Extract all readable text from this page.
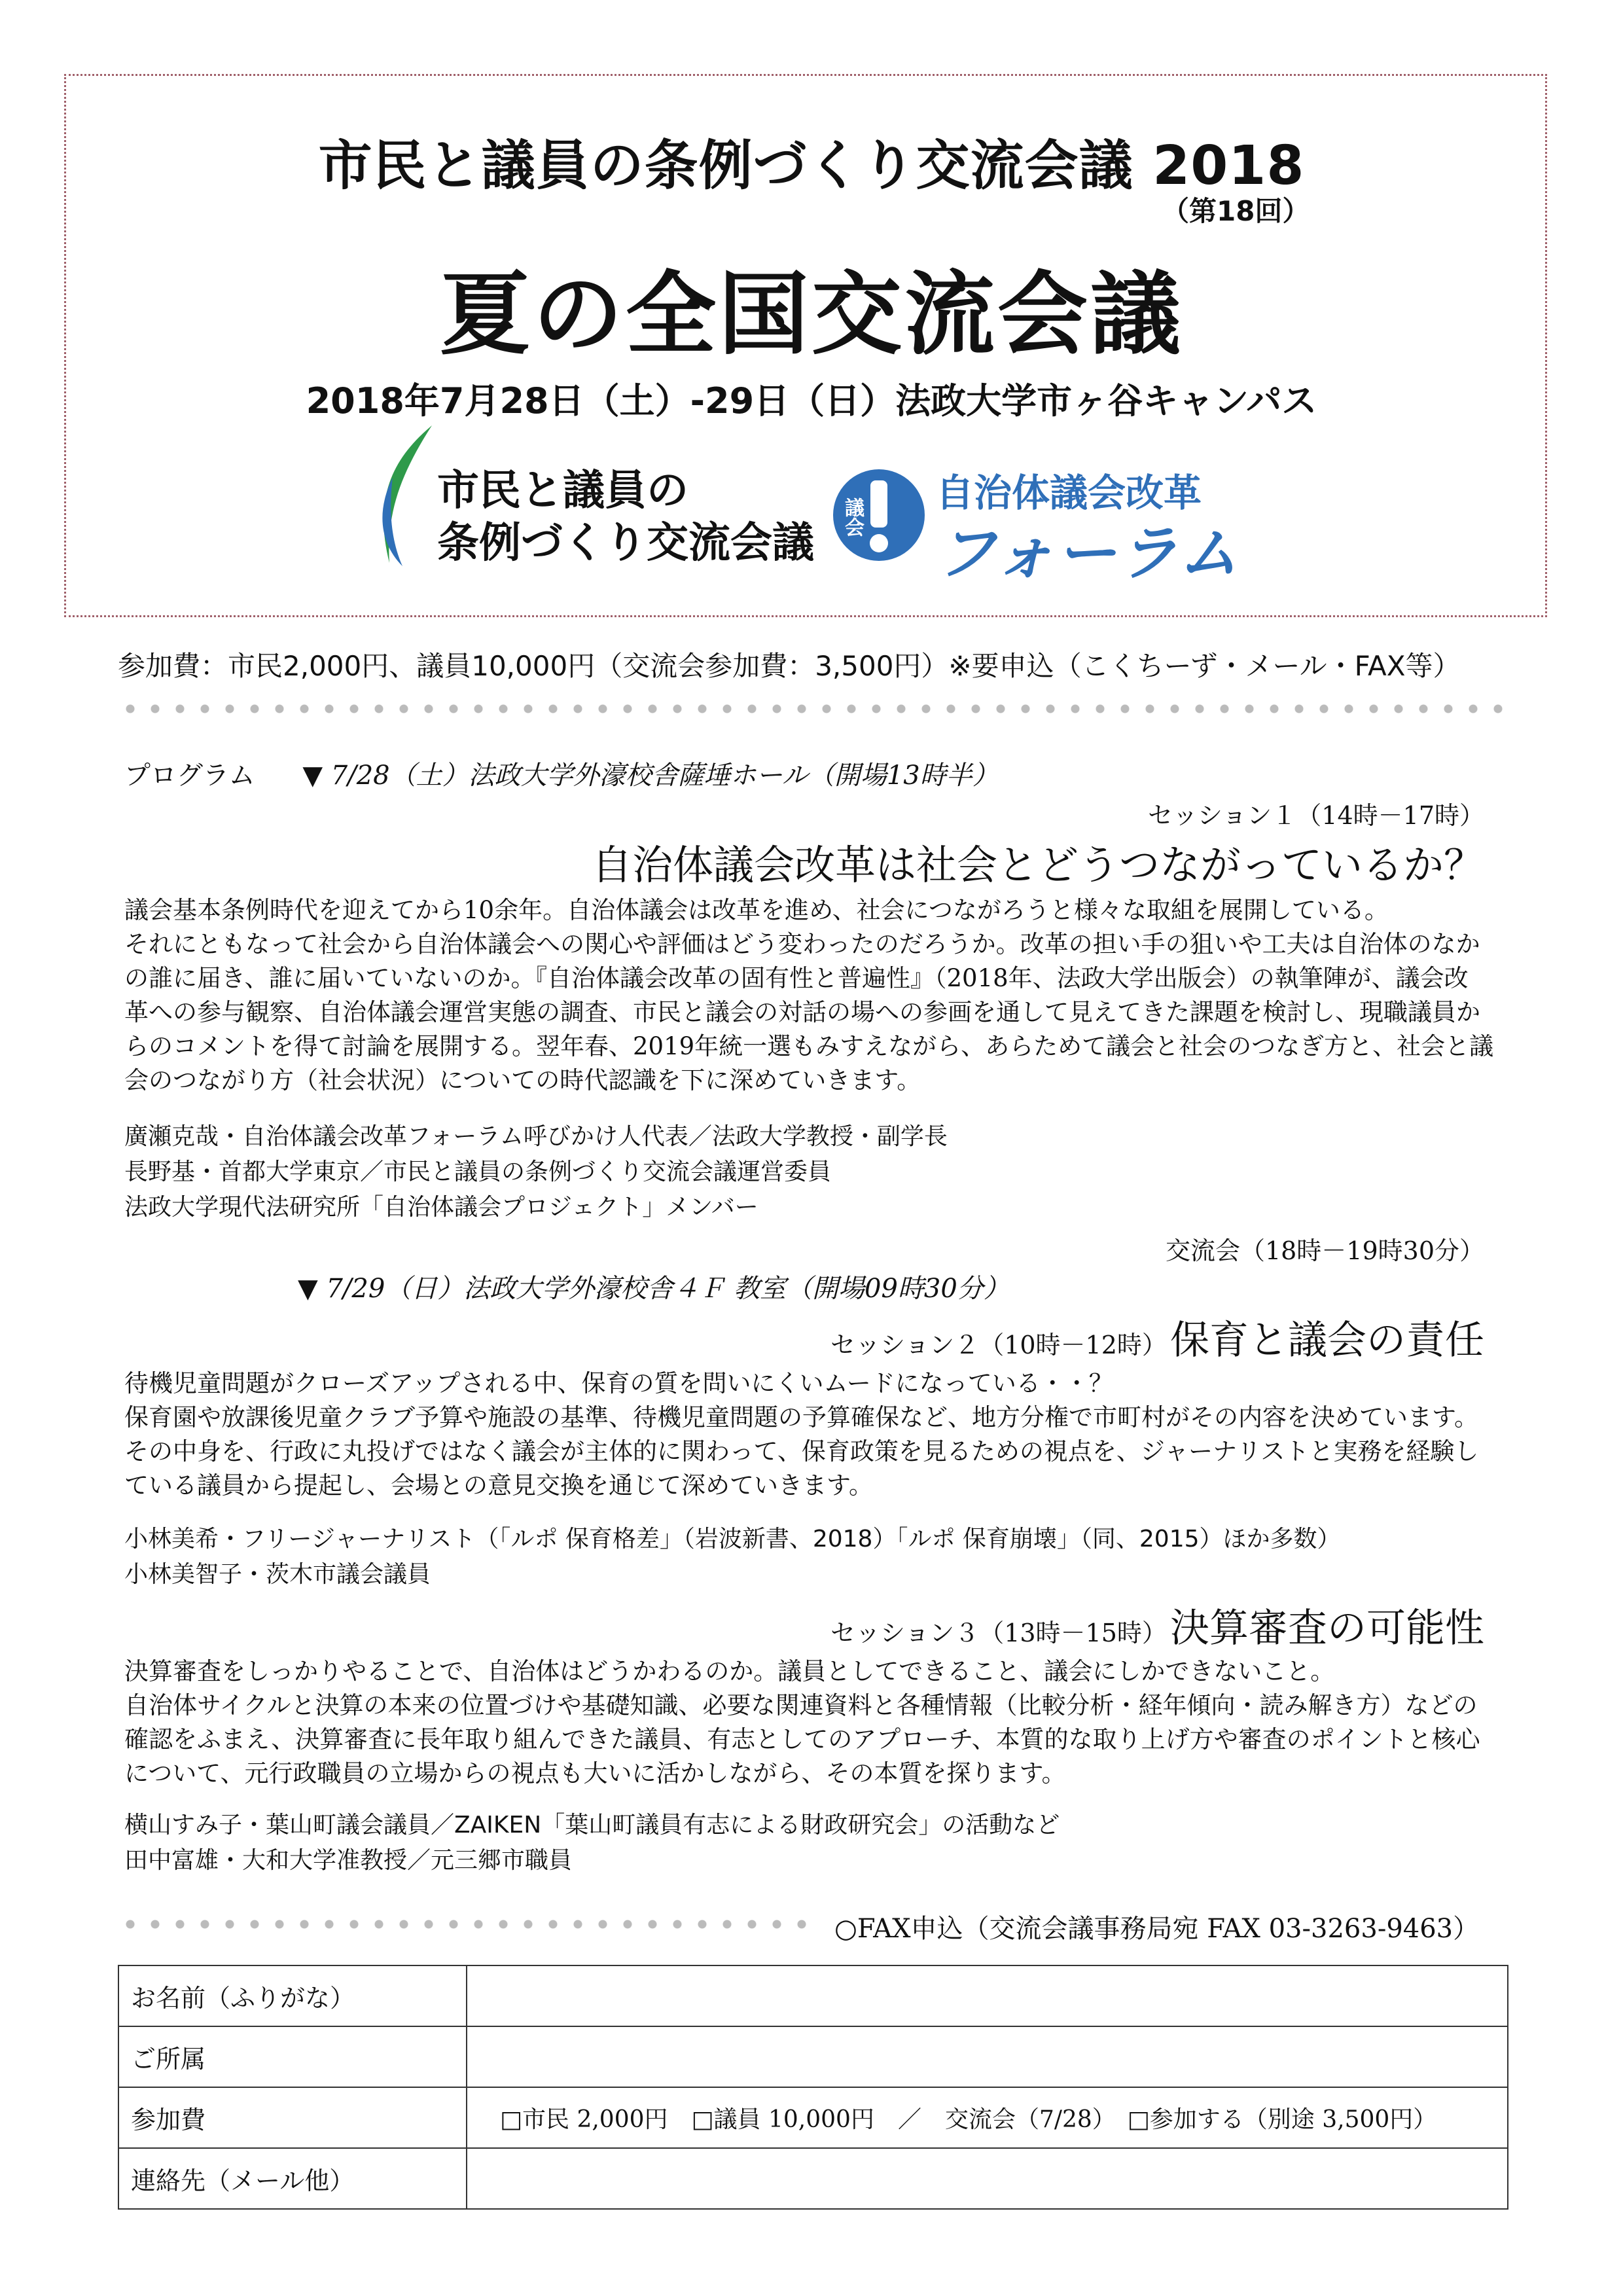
市民と議員の条例づくり交流会議 2018
（第18回）
夏の全国交流会議
2018年7月28日（土）-29日（日）法政大学市ヶ谷キャンパス
市民と議員の
条例づくり交流会議
議会
自治体議会改革
フォーラム
参加費：市民2,000円、議員10,000円（交流会参加費：3,500円）※要申込（こくちーず・メール・FAX等）
プログラム ▼ 7/28（土）法政大学外濠校舎薩埵ホール（開場13時半）
セッション１（14時－17時）
自治体議会改革は社会とどうつながっているか？

議会基本条例時代を迎えてから10余年。自治体議会は改革を進め、社会につながろうと様々な取組を展開している。

それにともなって社会から自治体議会への関心や評価はどう変わったのだろうか。改革の担い手の狙いや工夫は自治体のなか

の誰に届き、誰に届いていないのか。『自治体議会改革の固有性と普遍性』（2018年、法政大学出版会）の執筆陣が、議会改

革への参与観察、自治体議会運営実態の調査、市民と議会の対話の場への参画を通して見えてきた課題を検討し、現職議員か

らのコメントを得て討論を展開する。翌年春、2019年統一選もみすえながら、あらためて議会と社会のつなぎ方と、社会と議

会のつながり方（社会状況）についての時代認識を下に深めていきます。

廣瀬克哉・自治体議会改革フォーラム呼びかけ人代表／法政大学教授・副学長
長野基・首都大学東京／市民と議員の条例づくり交流会議運営委員
法政大学現代法研究所「自治体議会プロジェクト」メンバー
交流会（18時－19時30分）
▼ 7/29（日）法政大学外濠校舎４Ｆ 教室（開場09時30分）
セッション２（10時－12時） 保育と議会の責任

待機児童問題がクローズアップされる中、保育の質を問いにくいムードになっている・・？

保育園や放課後児童クラブ予算や施設の基準、待機児童問題の予算確保など、地方分権で市町村がその内容を決めています。

その中身を、行政に丸投げではなく議会が主体的に関わって、保育政策を見るための視点を、ジャーナリストと実務を経験し

ている議員から提起し、会場との意見交換を通じて深めていきます。

小林美希・フリージャーナリスト（「ルポ 保育格差」（岩波新書、2018）「ルポ 保育崩壊」（同、2015）ほか多数）
小林美智子・茨木市議会議員
セッション３（13時－15時） 決算審査の可能性

決算審査をしっかりやることで、自治体はどうかわるのか。議員としてできること、議会にしかできないこと。

自治体サイクルと決算の本来の位置づけや基礎知識、必要な関連資料と各種情報（比較分析・経年傾向・読み解き方）などの

確認をふまえ、決算審査に長年取り組んできた議員、有志としてのアプローチ、本質的な取り上げ方や審査のポイントと核心

について、元行政職員の立場からの視点も大いに活かしながら、その本質を探ります。

横山すみ子・葉山町議会議員／ZAIKEN「葉山町議員有志による財政研究会」の活動など
田中富雄・大和大学准教授／元三郷市職員
○FAX申込（交流会議事務局宛 FAX 03-3263-9463）
お名前（ふりがな）	
ご所属	
参加費	□市民 2,000円　□議員 10,000円　／　交流会（7/28）　□参加する（別途 3,500円）
連絡先（メール他）	
